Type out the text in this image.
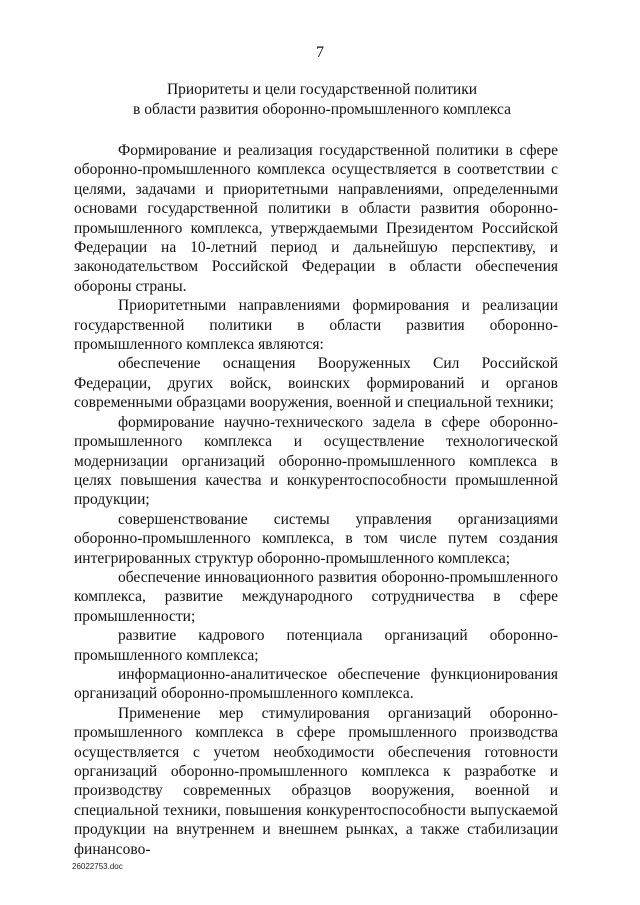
7
Приоритеты и цели государственной политики
в области развития оборонно-промышленного комплекса

Формирование и реализация государственной политики в сфере оборонно-промышленного комплекса осуществляется в соответствии с целями, задачами и приоритетными направлениями, определенными основами государственной политики в области развития оборонно-промышленного комплекса, утверждаемыми Президентом Российской Федерации на 10-летний период и дальнейшую перспективу, и законодательством Российской Федерации в области обеспечения обороны страны.

Приоритетными направлениями формирования и реализации государственной политики в области развития оборонно-промышленного комплекса являются:

обеспечение оснащения Вооруженных Сил Российской Федерации, других войск, воинских формирований и органов современными образцами вооружения, военной и специальной техники;

формирование научно-технического задела в сфере оборонно-промышленного комплекса и осуществление технологической модернизации организаций оборонно-промышленного комплекса в целях повышения качества и конкурентоспособности промышленной продукции;

совершенствование системы управления организациями оборонно-промышленного комплекса, в том числе путем создания интегрированных структур оборонно-промышленного комплекса;

обеспечение инновационного развития оборонно-промышленного комплекса, развитие международного сотрудничества в сфере промышленности;

развитие кадрового потенциала организаций оборонно-промышленного комплекса;

информационно-аналитическое обеспечение функционирования организаций оборонно-промышленного комплекса.

Применение мер стимулирования организаций оборонно-промышленного комплекса в сфере промышленного производства осуществляется с учетом необходимости обеспечения готовности организаций оборонно-промышленного комплекса к разработке и производству современных образцов вооружения, военной и специальной техники, повышения конкурентоспособности выпускаемой продукции на внутреннем и внешнем рынках, а также стабилизации финансово-

26022753.doc
